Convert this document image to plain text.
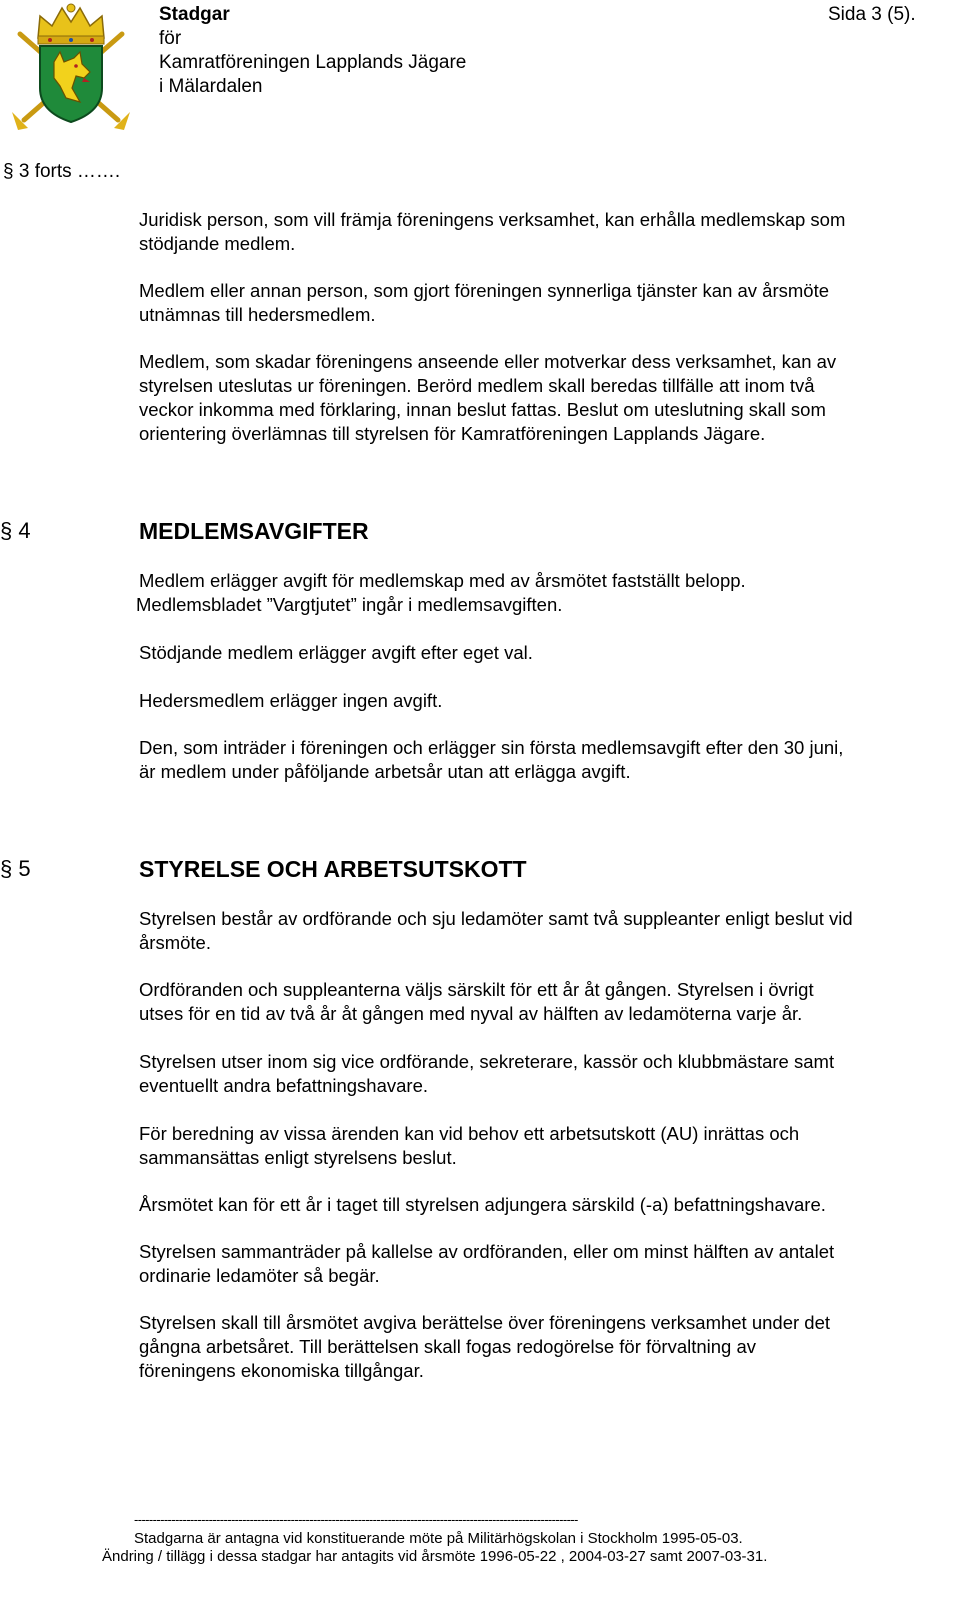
Stadgar
för
Kamratföreningen Lapplands Jägare
i Mälardalen
Sida 3 (5).
§ 3 forts …….
Juridisk person, som vill främja föreningens verksamhet, kan erhålla medlemskap som
stödjande medlem.
Medlem eller annan person, som gjort föreningen synnerliga tjänster kan av årsmöte
utnämnas till hedersmedlem.
Medlem, som skadar föreningens anseende eller motverkar dess verksamhet, kan av
styrelsen uteslutas ur föreningen. Berörd medlem skall beredas tillfälle att inom två
veckor inkomma med förklaring, innan beslut fattas. Beslut om uteslutning skall som
orientering överlämnas till styrelsen för Kamratföreningen Lapplands Jägare.
§ 4	MEDLEMSAVGIFTER
Medlem erlägger avgift för medlemskap med av årsmötet fastställt belopp.
Medlemsbladet ”Vargtjutet” ingår i medlemsavgiften.
Stödjande medlem erlägger avgift efter eget val.
Hedersmedlem erlägger ingen avgift.
Den, som inträder i föreningen och erlägger sin första medlemsavgift efter den 30 juni,
är medlem under påföljande arbetsår utan att erlägga avgift.
§ 5	STYRELSE OCH ARBETSUTSKOTT
Styrelsen består av ordförande och sju ledamöter samt två suppleanter enligt beslut vid
årsmöte.
Ordföranden och suppleanterna väljs särskilt för ett år åt gången. Styrelsen i övrigt
utses för en tid av två år åt gången med nyval av hälften av ledamöterna varje år.
Styrelsen utser inom sig vice ordförande, sekreterare, kassör och klubbmästare samt
eventuellt andra befattningshavare.
För beredning av vissa ärenden kan vid behov ett arbetsutskott (AU) inrättas och
sammansättas enligt styrelsens beslut.
Årsmötet kan för ett år i taget till styrelsen adjungera särskild (-a) befattningshavare.
Styrelsen sammanträder på kallelse av ordföranden, eller om minst hälften av antalet
ordinarie ledamöter så begär.
Styrelsen skall till årsmötet avgiva berättelse över föreningens verksamhet under det
gångna arbetsåret. Till berättelsen skall fogas redogörelse för förvaltning av
föreningens ekonomiska tillgångar.
-----------------------------------------------------------------------------------------------------------------------
Stadgarna är antagna vid konstituerande möte på Militärhögskolan i Stockholm 1995-05-03.
Ändring / tillägg i dessa stadgar har antagits vid årsmöte 1996-05-22 , 2004-03-27 samt 2007-03-31.
